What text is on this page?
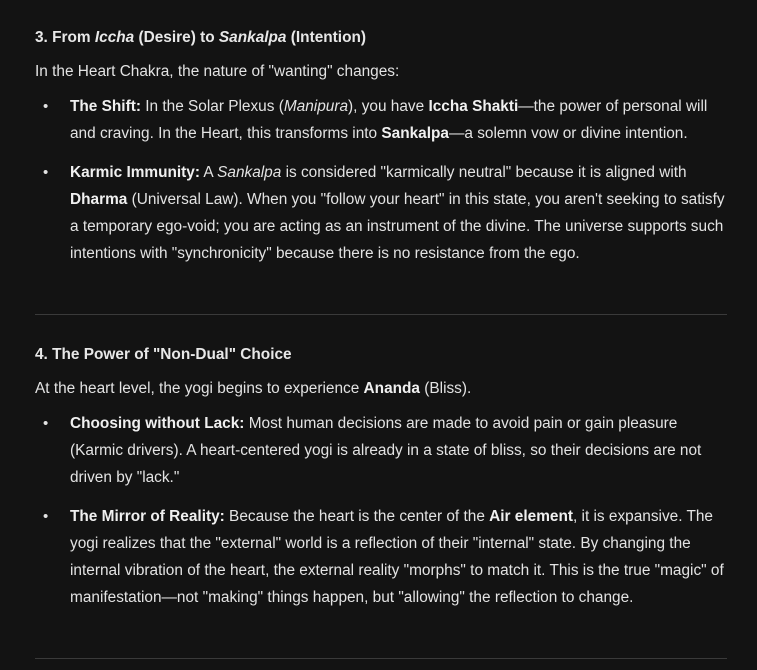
3. From Iccha (Desire) to Sankalpa (Intention)

In the Heart Chakra, the nature of "wanting" changes:

• The Shift: In the Solar Plexus (Manipura), you have Iccha Shakti—the power of personal will and craving. In the Heart, this transforms into Sankalpa—a solemn vow or divine intention.
• Karmic Immunity: A Sankalpa is considered "karmically neutral" because it is aligned with Dharma (Universal Law). When you "follow your heart" in this state, you aren't seeking to satisfy a temporary ego-void; you are acting as an instrument of the divine. The universe supports such intentions with "synchronicity" because there is no resistance from the ego.
4. The Power of "Non-Dual" Choice

At the heart level, the yogi begins to experience Ananda (Bliss).

• Choosing without Lack: Most human decisions are made to avoid pain or gain pleasure (Karmic drivers). A heart-centered yogi is already in a state of bliss, so their decisions are not driven by "lack."
• The Mirror of Reality: Because the heart is the center of the Air element, it is expansive. The yogi realizes that the "external" world is a reflection of their "internal" state. By changing the internal vibration of the heart, the external reality "morphs" to match it. This is the true "magic" of manifestation—not "making" things happen, but "allowing" the reflection to change.
